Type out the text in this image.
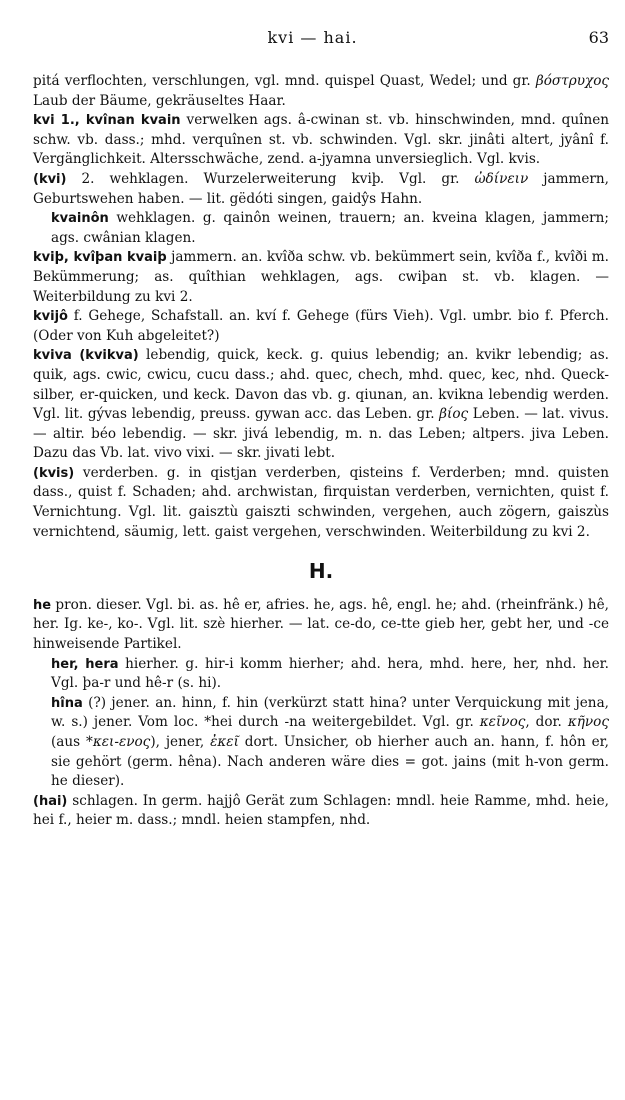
kvi — hai.	63

pitá verflochten, verschlungen, vgl. mnd. quispel Quast, Wedel; und gr. βόστρυχος Laub der Bäume, gekräuseltes Haar.

kvi 1., kvînan kvain verwelken ags. â-cwinan st. vb. hinschwinden, mnd. quînen schw. vb. dass.; mhd. verquînen st. vb. schwinden. Vgl. skr. jinâti altert, jyânî f. Vergänglichkeit. Altersschwäche, zend. a-jyamna unversieglich. Vgl. kvis.

(kvi) 2. wehklagen. Wurzelerweiterung kviþ. Vgl. gr. ὠδίνειν jammern, Geburtswehen haben. — lit. gëdóti singen, gaidŷs Hahn.

kvainôn wehklagen. g. qainôn weinen, trauern; an. kveina klagen, jammern; ags. cwânian klagen.

kviþ, kvîþan kvaiþ jammern. an. kvîða schw. vb. bekümmert sein, kvîða f., kvîði m. Bekümmerung; as. quîthian wehklagen, ags. cwiþan st. vb. klagen. — Weiterbildung zu kvi 2.

kvijô f. Gehege, Schafstall. an. kví f. Gehege (fürs Vieh). Vgl. umbr. bio f. Pferch. (Oder von Kuh abgeleitet?)

kviva (kvikva) lebendig, quick, keck. g. quius lebendig; an. kvikr lebendig; as. quik, ags. cwic, cwicu, cucu dass.; ahd. quec, chech, mhd. quec, kec, nhd. Queck-silber, er-quicken, und keck. Davon das vb. g. qiunan, an. kvikna lebendig werden. Vgl. lit. gývas lebendig, preuss. gywan acc. das Leben. gr. βίος Leben. — lat. vivus. — altir. béo lebendig. — skr. jivá lebendig, m. n. das Leben; altpers. jiva Leben. Dazu das Vb. lat. vivo vixi. — skr. jivati lebt.

(kvis) verderben. g. in qistjan verderben, qisteins f. Verderben; mnd. quisten dass., quist f. Schaden; ahd. archwistan, firquistan verderben, vernichten, quist f. Vernichtung. Vgl. lit. gaisztù gaiszti schwinden, vergehen, auch zögern, gaiszùs vernichtend, säumig, lett. gaist vergehen, verschwinden. Weiterbildung zu kvi 2.

H.

he pron. dieser. Vgl. bi. as. hê er, afries. he, ags. hê, engl. he; ahd. (rheinfränk.) hê, her. Ig. ke-, ko-. Vgl. lit. szè hierher. — lat. ce-do, ce-tte gieb her, gebt her, und -ce hinweisende Partikel.

her, hera hierher. g. hir-i komm hierher; ahd. hera, mhd. here, her, nhd. her. Vgl. þa-r und hê-r (s. hi).

hîna (?) jener. an. hinn, f. hin (verkürzt statt hina? unter Verquickung mit jena, w. s.) jener. Vom loc. *hei durch -na weitergebildet. Vgl. gr. κεῖνος, dor. κῆνος (aus *κει-ενος), jener, ἐκεῖ dort. Unsicher, ob hierher auch an. hann, f. hôn er, sie gehört (germ. hêna). Nach anderen wäre dies = got. jains (mit h-von germ. he dieser).

(hai) schlagen. In germ. hajjô Gerät zum Schlagen: mndl. heie Ramme, mhd. heie, hei f., heier m. dass.; mndl. heien stampfen, nhd.
